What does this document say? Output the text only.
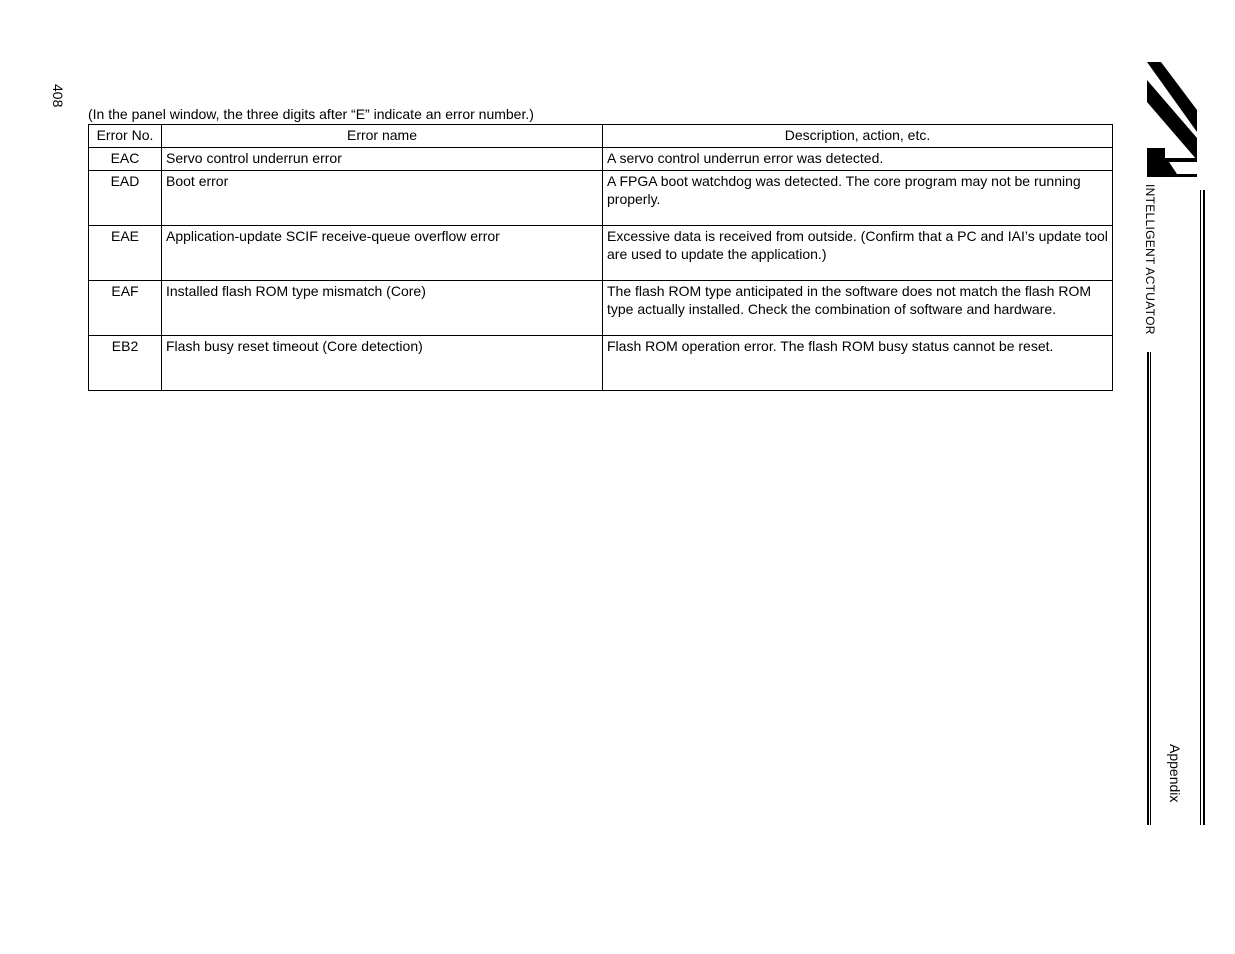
408
(In the panel window, the three digits after “E” indicate an error number.)
Error No.	Error name	Description, action, etc.
EAC	Servo control underrun error	A servo control underrun error was detected.
EAD	Boot error	A FPGA boot watchdog was detected. The core program may not be running properly.
EAE	Application-update SCIF receive-queue overflow error	Excessive data is received from outside. (Confirm that a PC and IAI’s update tool are used to update the application.)
EAF	Installed flash ROM type mismatch (Core)	The flash ROM type anticipated in the software does not match the flash ROM type actually installed. Check the combination of software and hardware.
EB2	Flash busy reset timeout (Core detection)	Flash ROM operation error. The flash ROM busy status cannot be reset.
INTELLIGENT ACTUATOR
Appendix
